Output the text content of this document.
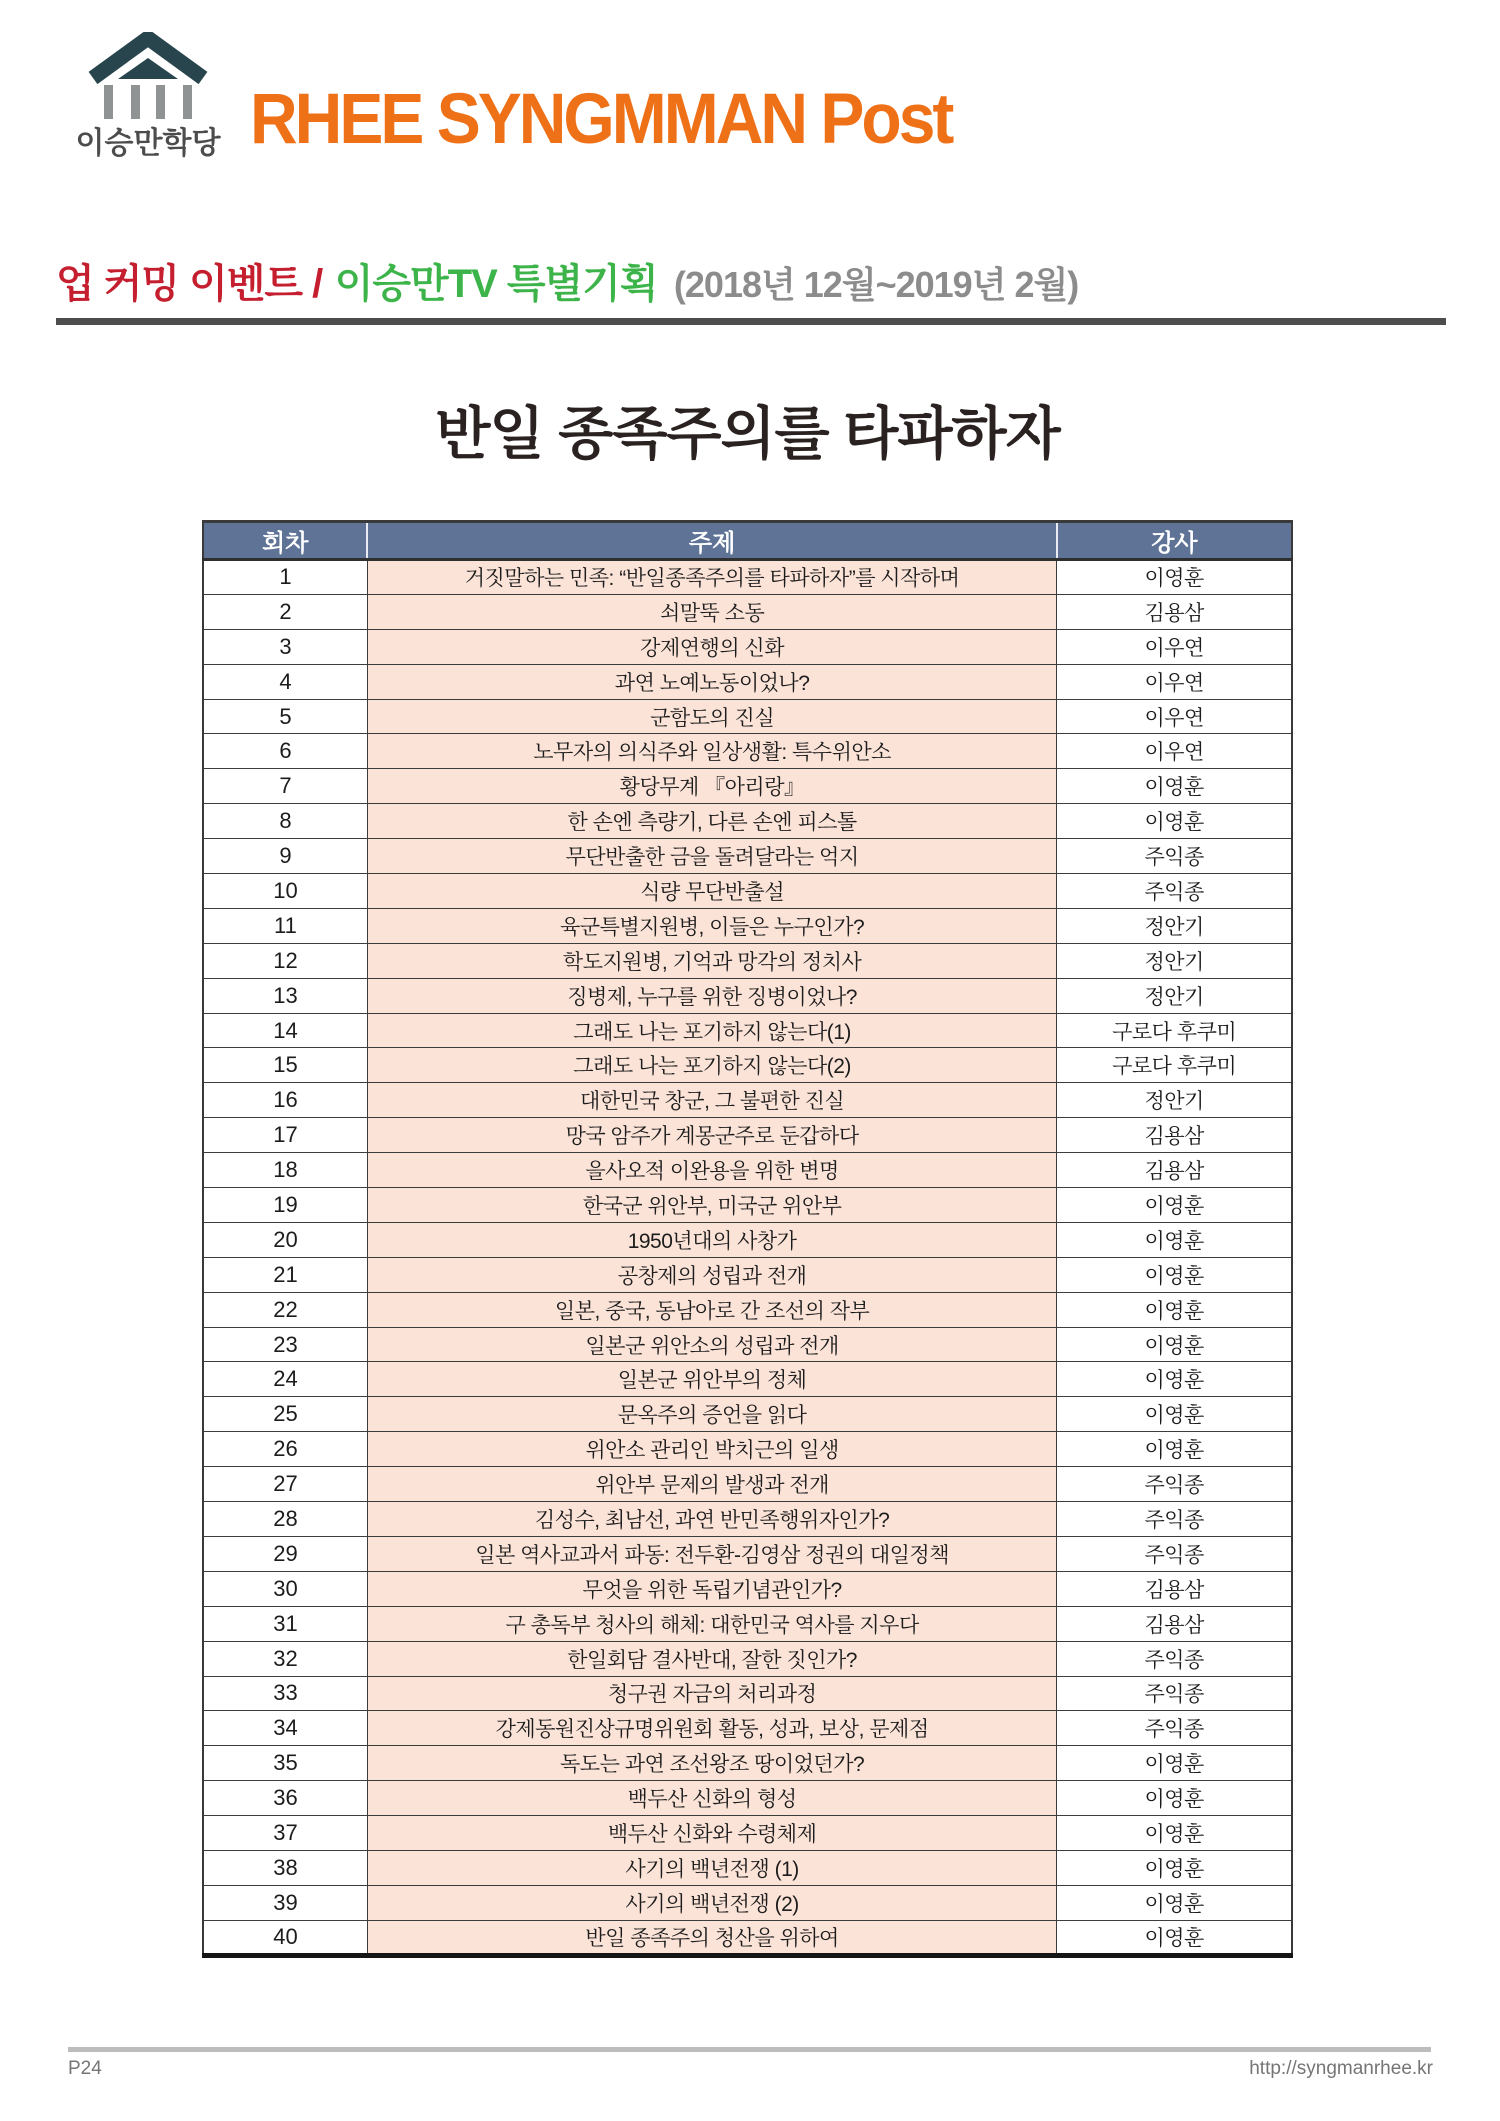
이승만학당 RHEE SYNGMMAN Post
업 커밍 이벤트 / 이승만TV 특별기획 (2018년 12월~2019년 2월)
반일 종족주의를 타파하자
회차	주제	강사
1	거짓말하는 민족: “반일종족주의를 타파하자”를 시작하며	이영훈
2	쇠말뚝 소동	김용삼
3	강제연행의 신화	이우연
4	과연 노예노동이었나?	이우연
5	군함도의 진실	이우연
6	노무자의 의식주와 일상생활: 특수위안소	이우연
7	황당무계 『아리랑』	이영훈
8	한 손엔 측량기, 다른 손엔 피스톨	이영훈
9	무단반출한 금을 돌려달라는 억지	주익종
10	식량 무단반출설	주익종
11	육군특별지원병, 이들은 누구인가?	정안기
12	학도지원병, 기억과 망각의 정치사	정안기
13	징병제, 누구를 위한 징병이었나?	정안기
14	그래도 나는 포기하지 않는다(1)	구로다 후쿠미
15	그래도 나는 포기하지 않는다(2)	구로다 후쿠미
16	대한민국 창군, 그 불편한 진실	정안기
17	망국 암주가 계몽군주로 둔갑하다	김용삼
18	을사오적 이완용을 위한 변명	김용삼
19	한국군 위안부, 미국군 위안부	이영훈
20	1950년대의 사창가	이영훈
21	공창제의 성립과 전개	이영훈
22	일본, 중국, 동남아로 간 조선의 작부	이영훈
23	일본군 위안소의 성립과 전개	이영훈
24	일본군 위안부의 정체	이영훈
25	문옥주의 증언을 읽다	이영훈
26	위안소 관리인 박치근의 일생	이영훈
27	위안부 문제의 발생과 전개	주익종
28	김성수, 최남선, 과연 반민족행위자인가?	주익종
29	일본 역사교과서 파동: 전두환-김영삼 정권의 대일정책	주익종
30	무엇을 위한 독립기념관인가?	김용삼
31	구 총독부 청사의 해체: 대한민국 역사를 지우다	김용삼
32	한일회담 결사반대, 잘한 짓인가?	주익종
33	청구권 자금의 처리과정	주익종
34	강제동원진상규명위원회 활동, 성과, 보상, 문제점	주익종
35	독도는 과연 조선왕조 땅이었던가?	이영훈
36	백두산 신화의 형성	이영훈
37	백두산 신화와 수령체제	이영훈
38	사기의 백년전쟁 (1)	이영훈
39	사기의 백년전쟁 (2)	이영훈
40	반일 종족주의 청산을 위하여	이영훈
P24	http://syngmanrhee.kr
